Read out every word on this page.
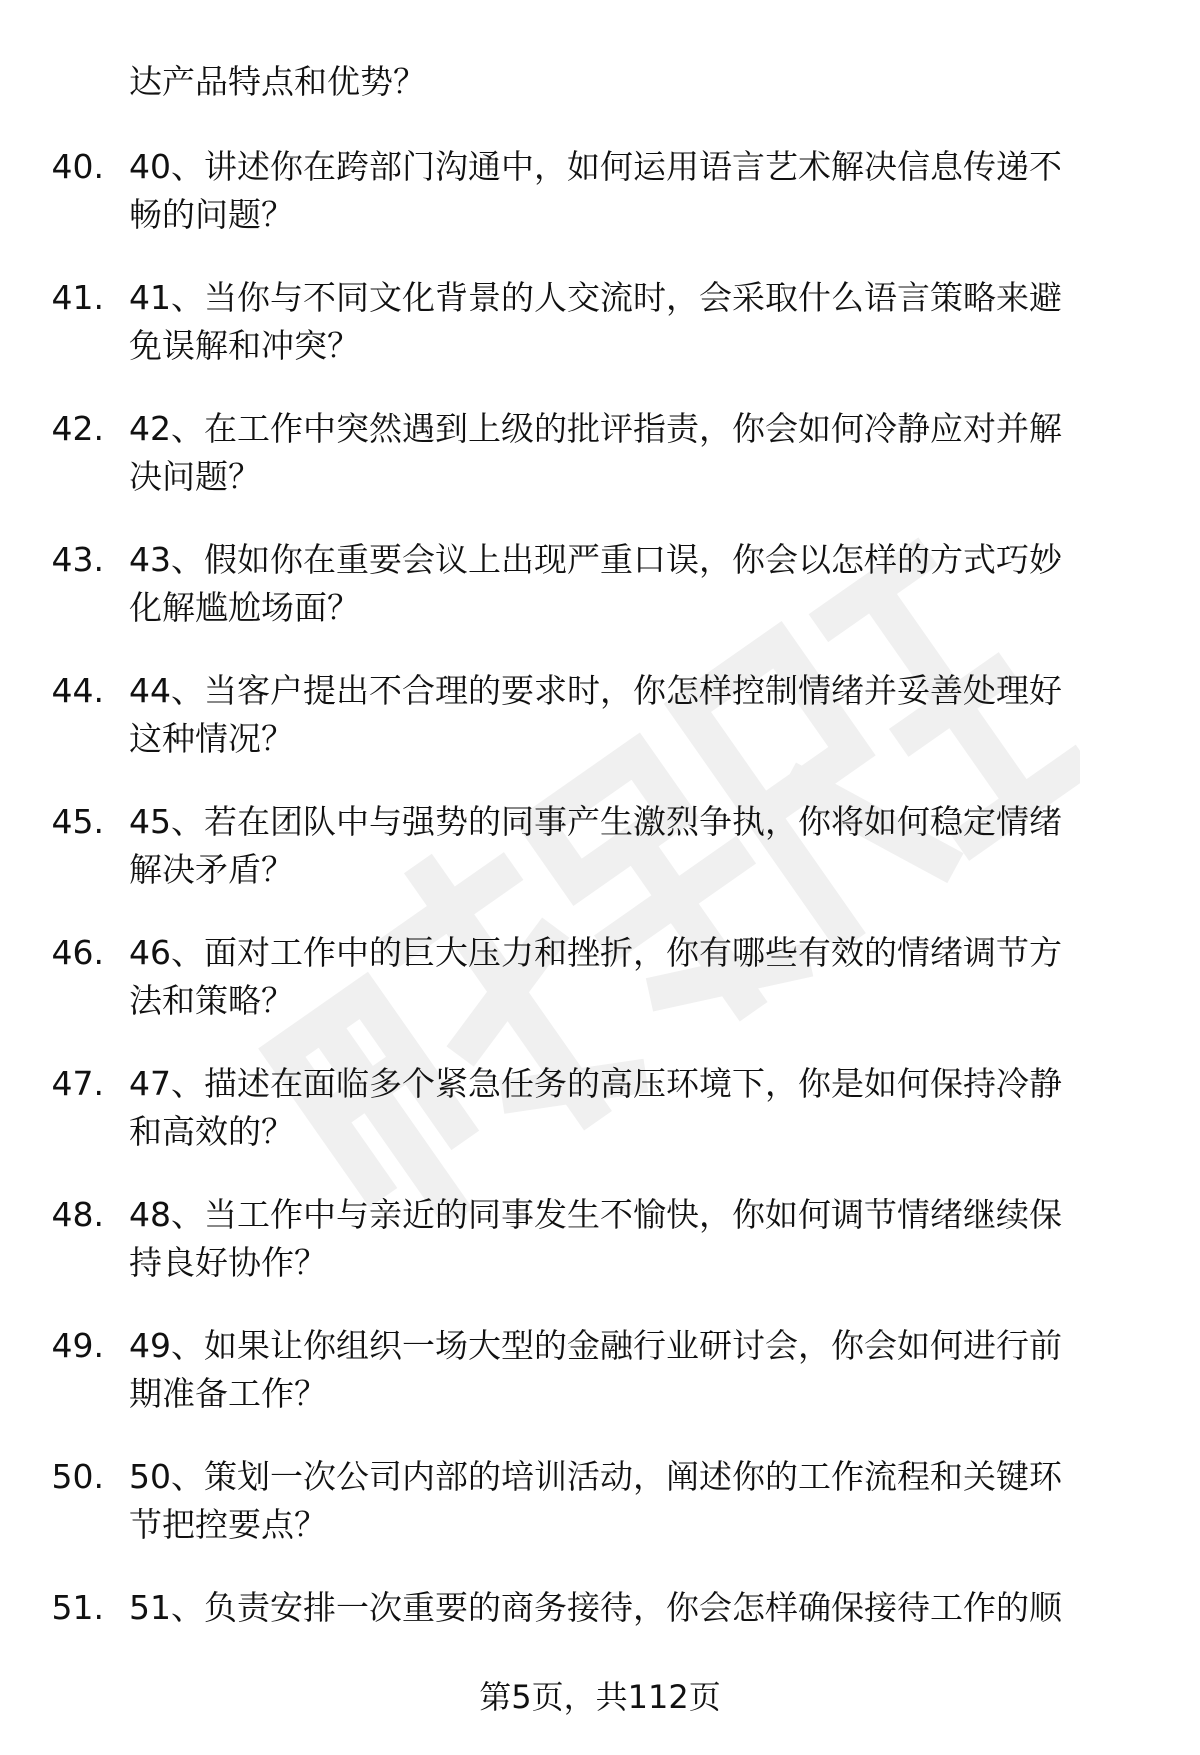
达产品特点和优势？
40. 40、讲述你在跨部门沟通中，如何运用语言艺术解决信息传递不
畅的问题？
41. 41、当你与不同文化背景的人交流时，会采取什么语言策略来避
免误解和冲突？
42. 42、在工作中突然遇到上级的批评指责，你会如何冷静应对并解
决问题？
43. 43、假如你在重要会议上出现严重口误，你会以怎样的方式巧妙
化解尴尬场面？
44. 44、当客户提出不合理的要求时，你怎样控制情绪并妥善处理好
这种情况？
45. 45、若在团队中与强势的同事产生激烈争执，你将如何稳定情绪
解决矛盾？
46. 46、面对工作中的巨大压力和挫折，你有哪些有效的情绪调节方
法和策略？
47. 47、描述在面临多个紧急任务的高压环境下，你是如何保持冷静
和高效的？
48. 48、当工作中与亲近的同事发生不愉快，你如何调节情绪继续保
持良好协作？
49. 49、如果让你组织一场大型的金融行业研讨会，你会如何进行前
期准备工作？
50. 50、策划一次公司内部的培训活动，阐述你的工作流程和关键环
节把控要点？
51. 51、负责安排一次重要的商务接待，你会怎样确保接待工作的顺
第5页，共112页
